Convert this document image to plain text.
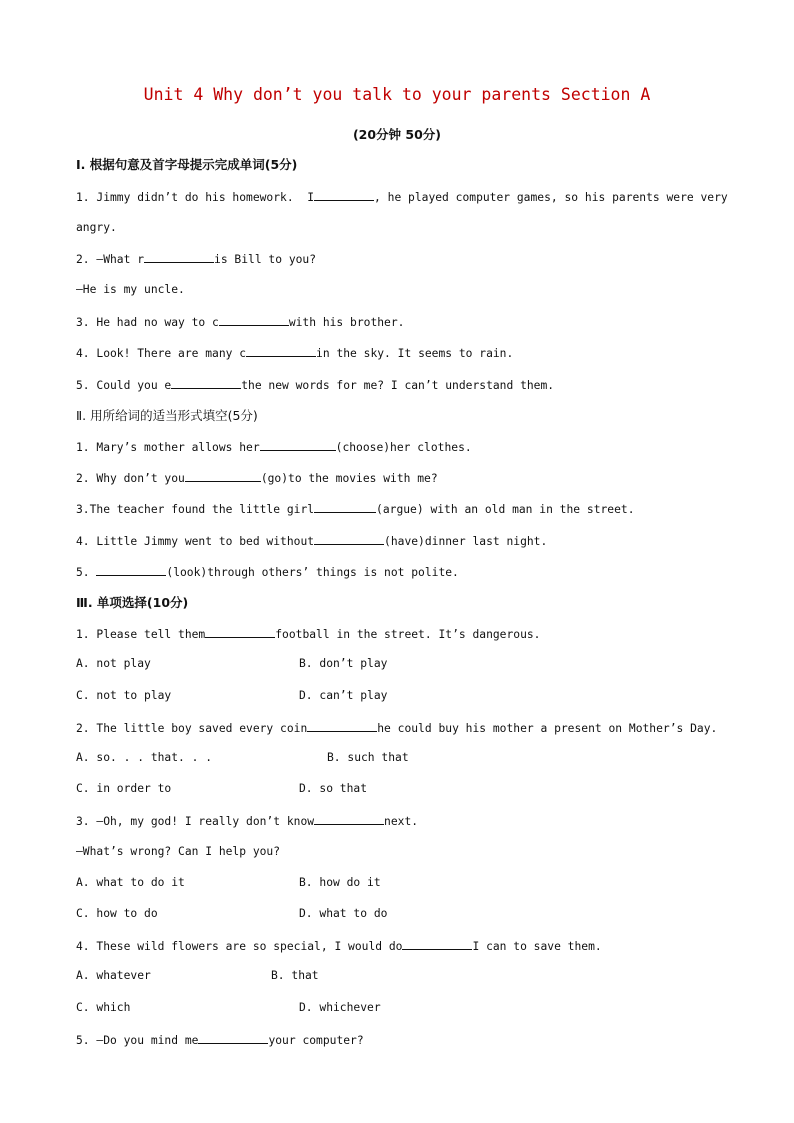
Unit 4 Why don’t you talk to your parents Section A
(20分钟 50分)
Ⅰ. 根据句意及首字母提示完成单词(5分)
1. Jimmy didn’t do his homework.  I	, he played computer games, so his parents were very
angry.
2. —What r	is Bill to you?
—He is my uncle.
3. He had no way to c	with his brother.
4. Look! There are many c	in the sky. It seems to rain.
5. Could you e	the new words for me? I can’t understand them.
Ⅱ. 用所给词的适当形式填空(5分)
1. Mary’s mother allows her	(choose)her clothes.
2. Why don’t you	(go)to the movies with me?
3.The teacher found the little girl	(argue) with an old man in the street.
4. Little Jimmy went to bed without	(have)dinner last night.
5.	(look)through others’ things is not polite.
Ⅲ. 单项选择(10分)
1. Please tell them	football in the street. It’s dangerous.
A. not play	B. don’t play
C. not to play	D. can’t play
2. The little boy saved every coin	he could buy his mother a present on Mother’s Day.
A. so. . . that. . .	B. such that
C. in order to	D. so that
3. —Oh, my god! I really don’t know	next.
—What’s wrong? Can I help you?
A. what to do it	B. how do it
C. how to do	D. what to do
4. These wild flowers are so special, I would do	I can to save them.
A. whatever	B. that
C. which	D. whichever
5. —Do you mind me	your computer?
